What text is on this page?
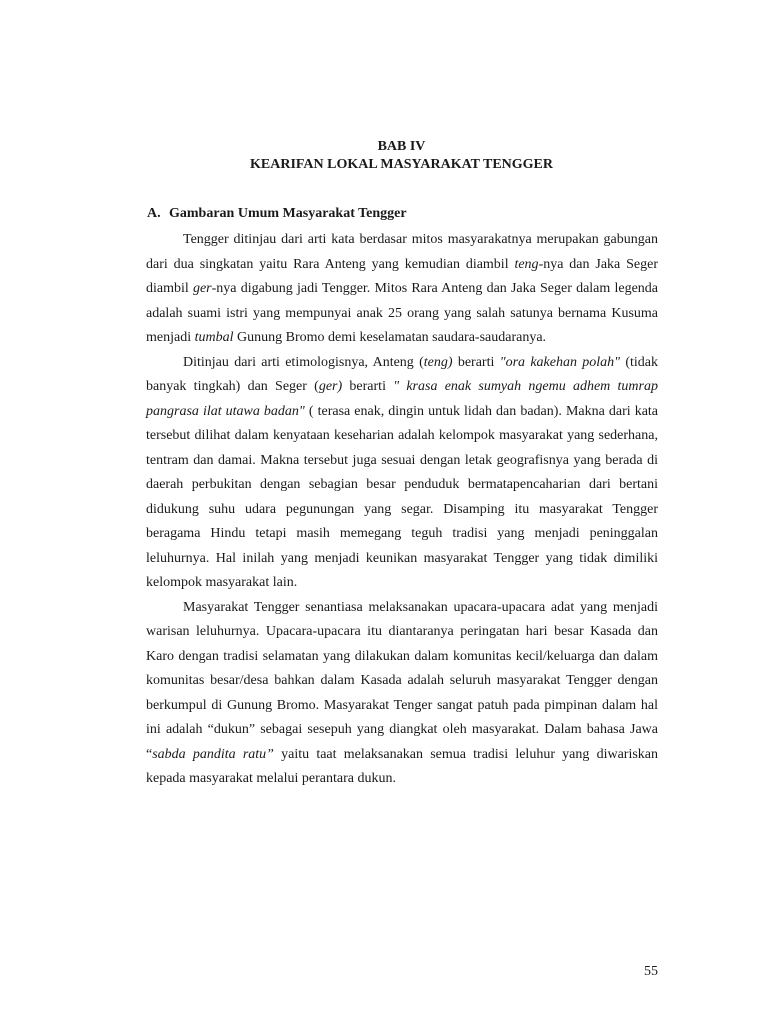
BAB IV
KEARIFAN LOKAL MASYARAKAT TENGGER
A. Gambaran Umum Masyarakat Tengger

Tengger ditinjau dari arti kata berdasar mitos masyarakatnya merupakan gabungan dari dua singkatan yaitu Rara Anteng yang kemudian diambil teng-nya dan Jaka Seger diambil ger-nya digabung jadi Tengger. Mitos Rara Anteng dan Jaka Seger dalam legenda adalah suami istri yang mempunyai anak 25 orang yang salah satunya bernama Kusuma menjadi tumbal Gunung Bromo demi keselamatan saudara-saudaranya.

Ditinjau dari arti etimologisnya, Anteng (teng) berarti "ora kakehan polah" (tidak banyak tingkah) dan Seger (ger) berarti " krasa enak sumyah ngemu adhem tumrap pangrasa ilat utawa badan" ( terasa enak, dingin untuk lidah dan badan). Makna dari kata tersebut dilihat dalam kenyataan keseharian adalah kelompok masyarakat yang sederhana, tentram dan damai. Makna tersebut juga sesuai dengan letak geografisnya yang berada di daerah perbukitan dengan sebagian besar penduduk bermatapencaharian dari bertani didukung suhu udara pegunungan yang segar. Disamping itu masyarakat Tengger beragama Hindu tetapi masih memegang teguh tradisi yang menjadi peninggalan leluhurnya. Hal inilah yang menjadi keunikan masyarakat Tengger yang tidak dimiliki kelompok masyarakat lain.

Masyarakat Tengger senantiasa melaksanakan upacara-upacara adat yang menjadi warisan leluhurnya. Upacara-upacara itu diantaranya peringatan hari besar Kasada dan Karo dengan tradisi selamatan yang dilakukan dalam komunitas kecil/keluarga dan dalam komunitas besar/desa bahkan dalam Kasada adalah seluruh masyarakat Tengger dengan berkumpul di Gunung Bromo. Masyarakat Tenger sangat patuh pada pimpinan dalam hal ini adalah “dukun” sebagai sesepuh yang diangkat oleh masyarakat. Dalam bahasa Jawa “sabda pandita ratu” yaitu taat melaksanakan semua tradisi leluhur yang diwariskan kepada masyarakat melalui perantara dukun.

55
